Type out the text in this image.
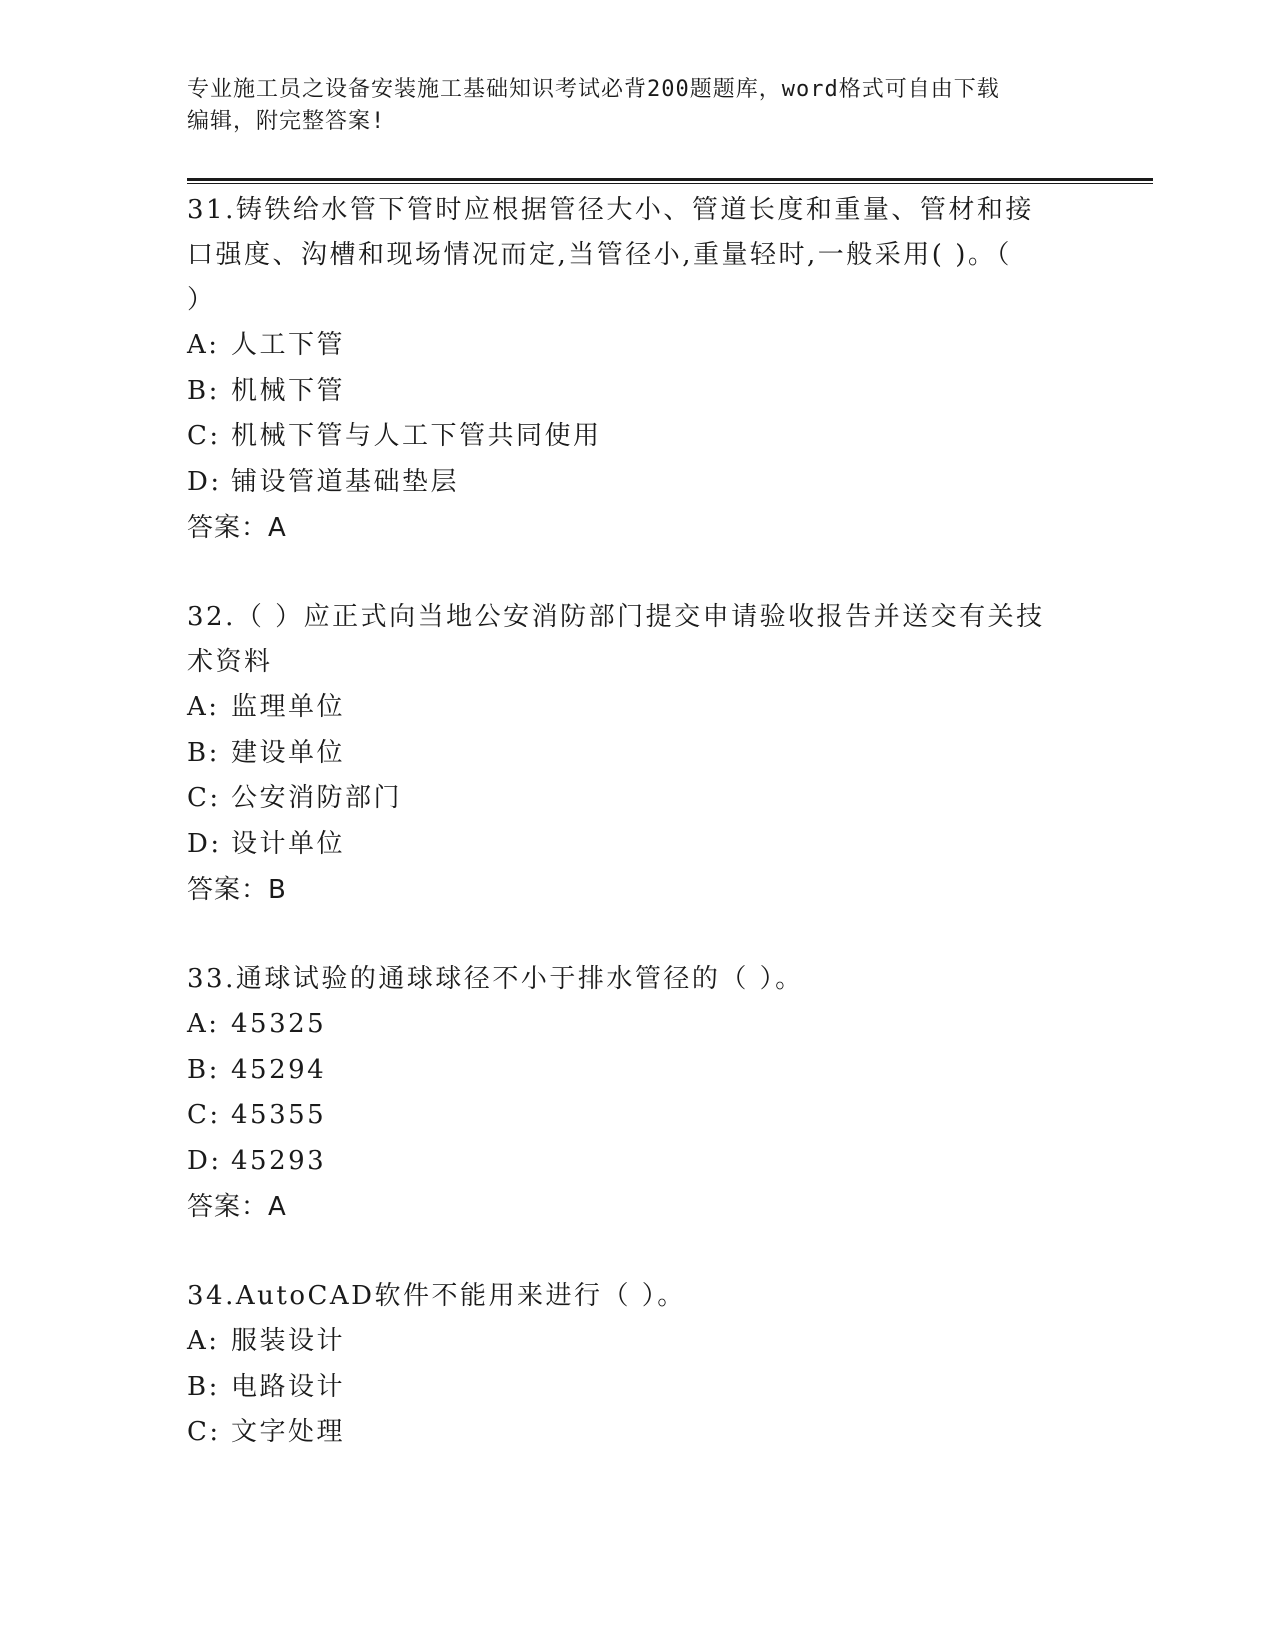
专业施工员之设备安装施工基础知识考试必背200题题库，word格式可自由下载
编辑，附完整答案!

31.铸铁给水管下管时应根据管径大小、管道长度和重量、管材和接口强度、沟槽和现场情况而定,当管径小,重量轻时,一般采用( )。（ ）

A: 人工下管
B: 机械下管
C: 机械下管与人工下管共同使用
D: 铺设管道基础垫层
答案：A

32.（ ）应正式向当地公安消防部门提交申请验收报告并送交有关技术资料

A: 监理单位
B: 建设单位
C: 公安消防部门
D: 设计单位
答案：B

33.通球试验的通球球径不小于排水管径的（ ）。

A: 45325
B: 45294
C: 45355
D: 45293
答案：A

34.AutoCAD软件不能用来进行（ ）。

A: 服装设计
B: 电路设计
C: 文字处理
